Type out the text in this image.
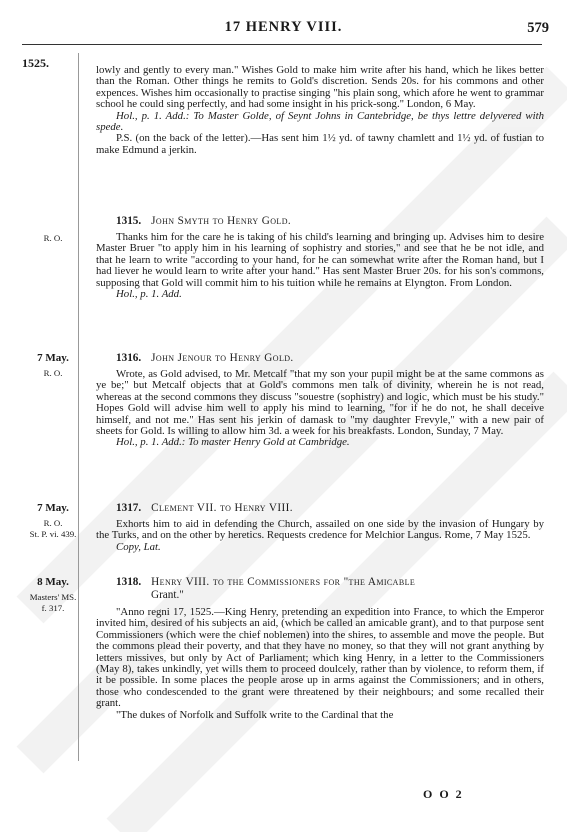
17 HENRY VIII.	579
1525.	lowly and gently to every man." Wishes Gold to make him write after his hand, which he likes better than the Roman. Other things he remits to Gold's discretion. Sends 20s. for his commons and other expences. Wishes him occasionally to practise singing "his plain song, which afore he went to grammar school he could sing perfectly, and had some insight in his prick-song." London, 6 May.
Hol., p. 1. Add.: To Master Golde, of Seynt Johns in Cantebridge, be thys lettre delyvered with spede.
P.S. (on the back of the letter).—Has sent him 1½ yd. of tawny chamlett and 1½ yd. of fustian to make Edmund a jerkin.
R. O.
1315. John Smyth to Henry Gold.
Thanks him for the care he is taking of his child's learning and bringing up. Advises him to desire Master Bruer "to apply him in his learning of sophistry and stories," and see that he be not idle, and that he learn to write "according to your hand, for he can somewhat write after the Roman hand, but I had liever he would learn to write after your hand." Has sent Master Bruer 20s. for his son's commons, supposing that Gold will commit him to his tuition while he remains at Elyngton. From London.
Hol., p. 1. Add.
7 May.
R. O.
1316. John Jenour to Henry Gold.
Wrote, as Gold advised, to Mr. Metcalf "that my son your pupil might be at the same commons as ye be;" but Metcalf objects that at Gold's commons men talk of divinity, wherein he is not read, whereas at the second commons they discuss "souestre (sophistry) and logic, which must be his study." Hopes Gold will advise him well to apply his mind to learning, "for if he do not, he shall deceive himself, and not me." Has sent his jerkin of damask to "my daughter Frevyle," with a new pair of sheets for Gold. Is willing to allow him 3d. a week for his breakfasts. London, Sunday, 7 May.
Hol., p. 1. Add.: To master Henry Gold at Cambridge.
7 May.
R. O.
St. P. vi. 439.
1317. Clement VII. to Henry VIII.
Exhorts him to aid in defending the Church, assailed on one side by the invasion of Hungary by the Turks, and on the other by heretics. Requests credence for Melchior Langus. Rome, 7 May 1525.
Copy, Lat.
8 May.
Masters' MS.
f. 317.
1318. Henry VIII. to the Commissioners for "the Amicable
Grant."
"Anno regni 17, 1525.—King Henry, pretending an expedition into France, to which the Emperor invited him, desired of his subjects an aid, (which be called an amicable grant), and to that purpose sent Commissioners (which were the chief noblemen) into the shires, to assemble and move the people. But the commons plead their poverty, and that they have no money, so that they will not grant anything by letters missives, but only by Act of Parliament; which king Henry, in a letter to the Commissioners (May 8), takes unkindly, yet wills them to proceed doulcely, rather than by violence, to reform them, if it be possible. In some places the people arose up in arms against the Commissioners; and in others, those who condescended to the grant were threatened by their neighbours; and some recalled their grant.
"The dukes of Norfolk and Suffolk write to the Cardinal that the
O O 2
